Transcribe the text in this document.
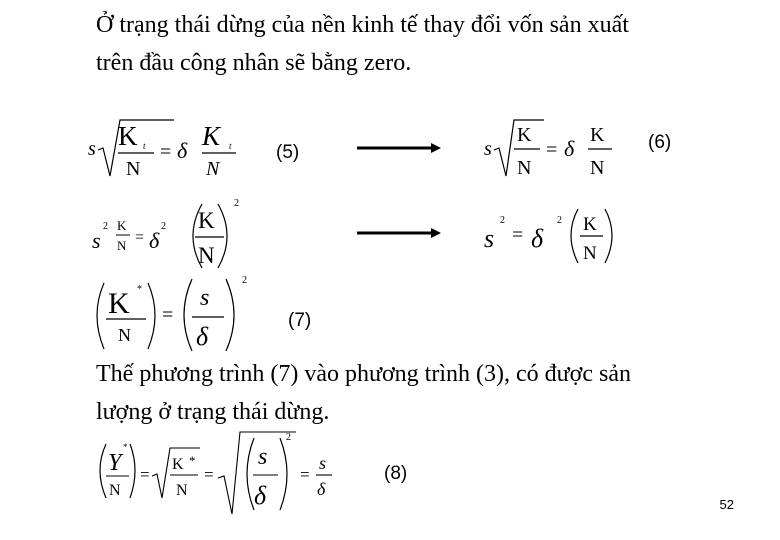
Ở trạng thái dừng của nền kinh tế thay đổi vốn sản xuất
trên đầu công nhân sẽ bằng zero.
s K t
N
= δ K t
N
(5)	s
K
N
= δ
K
N
(6)
s
2 K
N = δ
2 K
N
2
s
2
= δ
2 K
N
K *
N
=
s
δ
2
(7)
Thế phương trình (7) vào phương trình (3), có được sản
lượng ở trạng thái dừng.
Y
*
N
=
K *
N
=
s
δ
2
=
s
δ
(8)
52
